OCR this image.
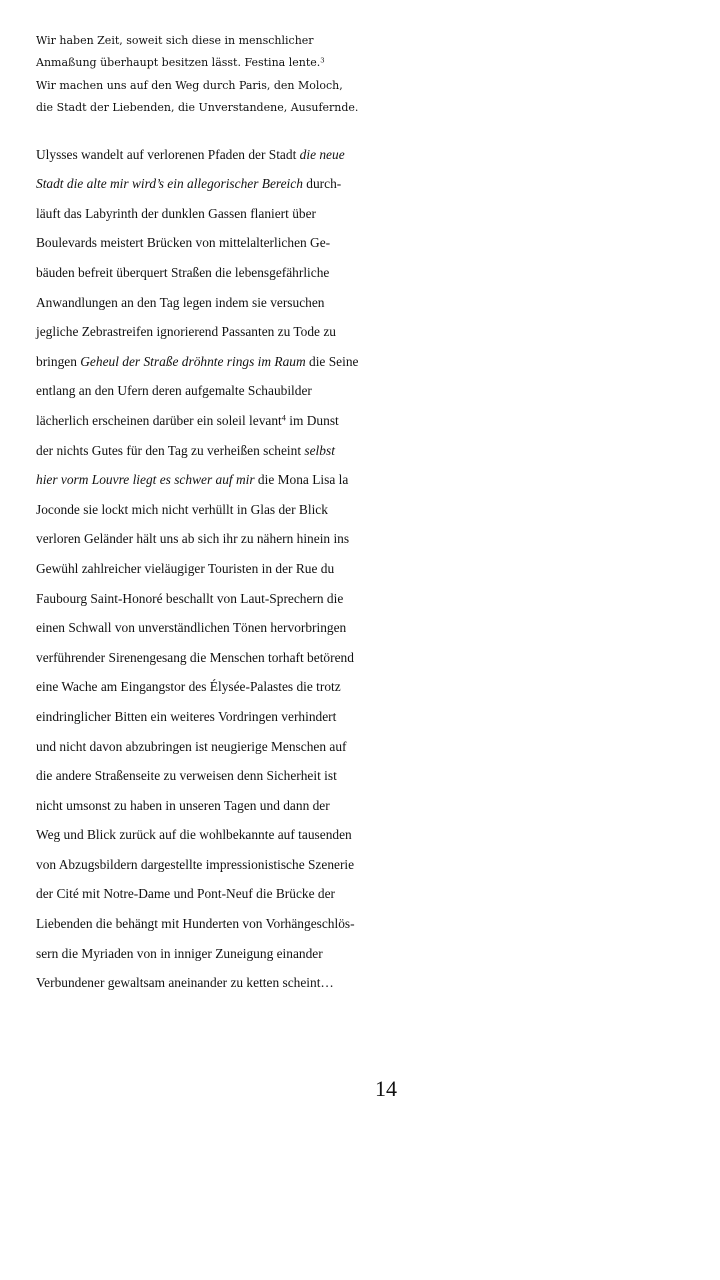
Wir haben Zeit, soweit sich diese in menschlicher
Anmaßung überhaupt besitzen lässt. Festina lente.$^3$
Wir machen uns auf den Weg durch Paris, den Moloch,
die Stadt der Liebenden, die Unverstandene, Ausufernde.

Ulysses wandelt auf verlorenen Pfaden der Stadt die neue
Stadt die alte mir wird’s ein allegorischer Bereich durch-
läuft das Labyrinth der dunklen Gassen flaniert über
Boulevards meistert Brücken von mittelalterlichen Ge-
bäuden befreit überquert Straßen die lebensgefährliche
Anwandlungen an den Tag legen indem sie versuchen
jegliche Zebrastreifen ignorierend Passanten zu Tode zu
bringen Geheul der Straße dröhnte rings im Raum die Seine
entlang an den Ufern deren aufgemalte Schaubilder
lächerlich erscheinen darüber ein soleil levant$^4$ im Dunst
der nichts Gutes für den Tag zu verheißen scheint selbst
hier vorm Louvre liegt es schwer auf mir die Mona Lisa la
Joconde sie lockt mich nicht verhüllt in Glas der Blick
verloren Geländer hält uns ab sich ihr zu nähern hinein ins
Gewühl zahlreicher vieläugiger Touristen in der Rue du
Faubourg Saint-Honoré beschallt von Laut-Sprechern die
einen Schwall von unverständlichen Tönen hervorbringen
verführender Sirenengesang die Menschen torhaft betörend
eine Wache am Eingangstor des Élysée-Palastes die trotz
eindringlicher Bitten ein weiteres Vordringen verhindert
und nicht davon abzubringen ist neugierige Menschen auf
die andere Straßenseite zu verweisen denn Sicherheit ist
nicht umsonst zu haben in unseren Tagen und dann der
Weg und Blick zurück auf die wohlbekannte auf tausenden
von Abzugsbildern dargestellte impressionistische Szenerie
der Cité mit Notre-Dame und Pont-Neuf die Brücke der
Liebenden die behängt mit Hunderten von Vorhängeschlös-
sern die Myriaden von in inniger Zuneigung einander
Verbundener gewaltsam aneinander zu ketten scheint…

14
